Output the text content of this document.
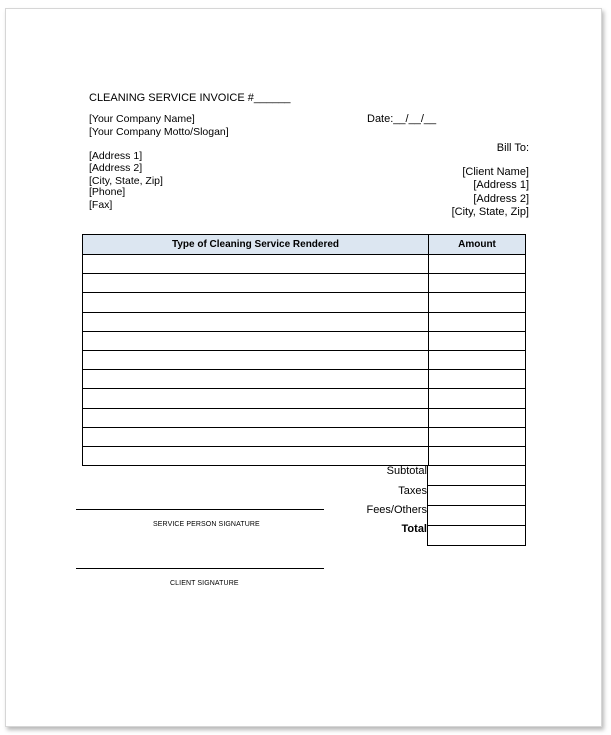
CLEANING SERVICE INVOICE #______
Date:__/__/__
[Your Company Name]
[Your Company Motto/Slogan]
[Address 1]
[Address 2]
[City, State, Zip]
[Phone]
[Fax]
Bill To:
[Client Name]
[Address 1]
[Address 2]
[City, State, Zip]
Type of Cleaning Service Rendered	Amount

Subtotal
Taxes
Fees/Others
Total
SERVICE PERSON SIGNATURE
CLIENT SIGNATURE
